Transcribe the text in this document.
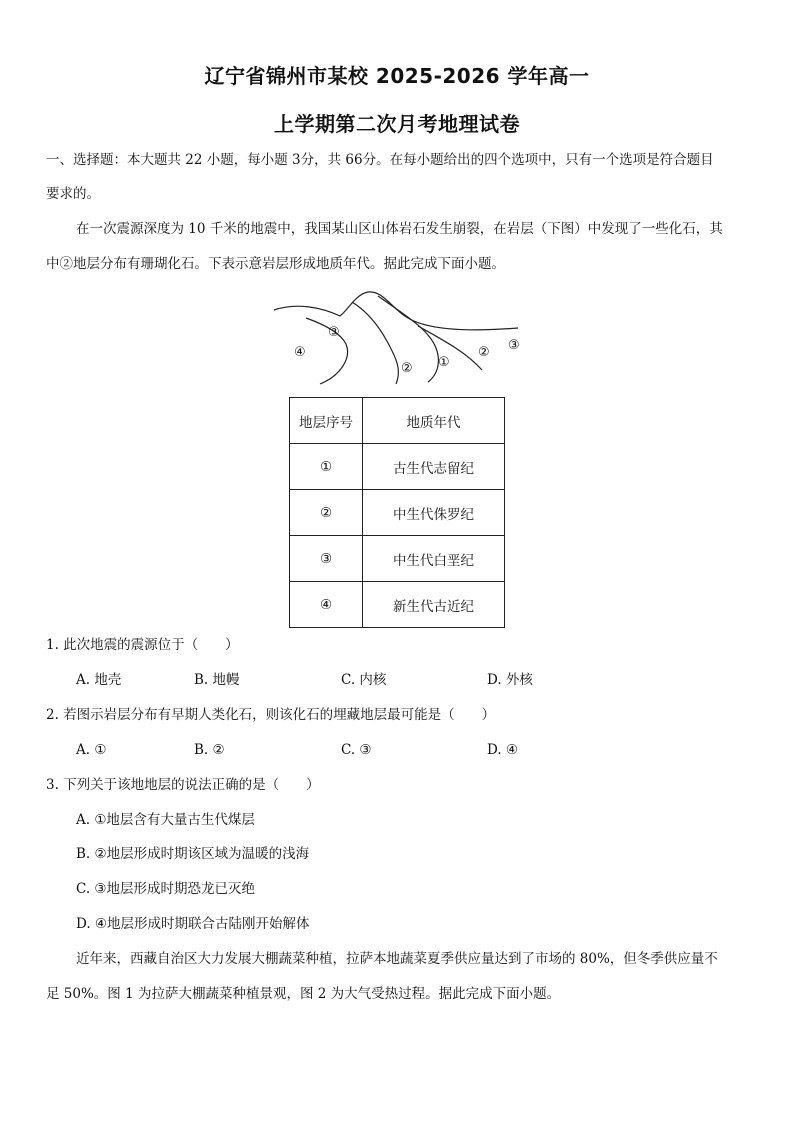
辽宁省锦州市某校 2025-2026 学年高一
上学期第二次月考地理试卷
一、选择题：本大题共 22 小题，每小题 3分，共 66分。在每小题给出的四个选项中，只有一个选项是符合题目
要求的。
在一次震源深度为 10 千米的地震中，我国某山区山体岩石发生崩裂，在岩层（下图）中发现了一些化石，其
中②地层分布有珊瑚化石。下表示意岩层形成地质年代。据此完成下面小题。
④
③
② ①
② ③
地层序号	地质年代
①	古生代志留纪
②	中生代侏罗纪
③	中生代白垩纪
④	新生代古近纪
1. 此次地震的震源位于（　　）
A. 地壳	B. 地幔	C. 内核	D. 外核
2. 若图示岩层分布有早期人类化石，则该化石的埋藏地层最可能是（　　）
A. ①	B. ②	C. ③	D. ④
3. 下列关于该地地层的说法正确的是（　　）
A. ①地层含有大量古生代煤层
B. ②地层形成时期该区域为温暖的浅海
C. ③地层形成时期恐龙已灭绝
D. ④地层形成时期联合古陆刚开始解体
近年来，西藏自治区大力发展大棚蔬菜种植，拉萨本地蔬菜夏季供应量达到了市场的 80%，但冬季供应量不
足 50%。图 1 为拉萨大棚蔬菜种植景观，图 2 为大气受热过程。据此完成下面小题。
